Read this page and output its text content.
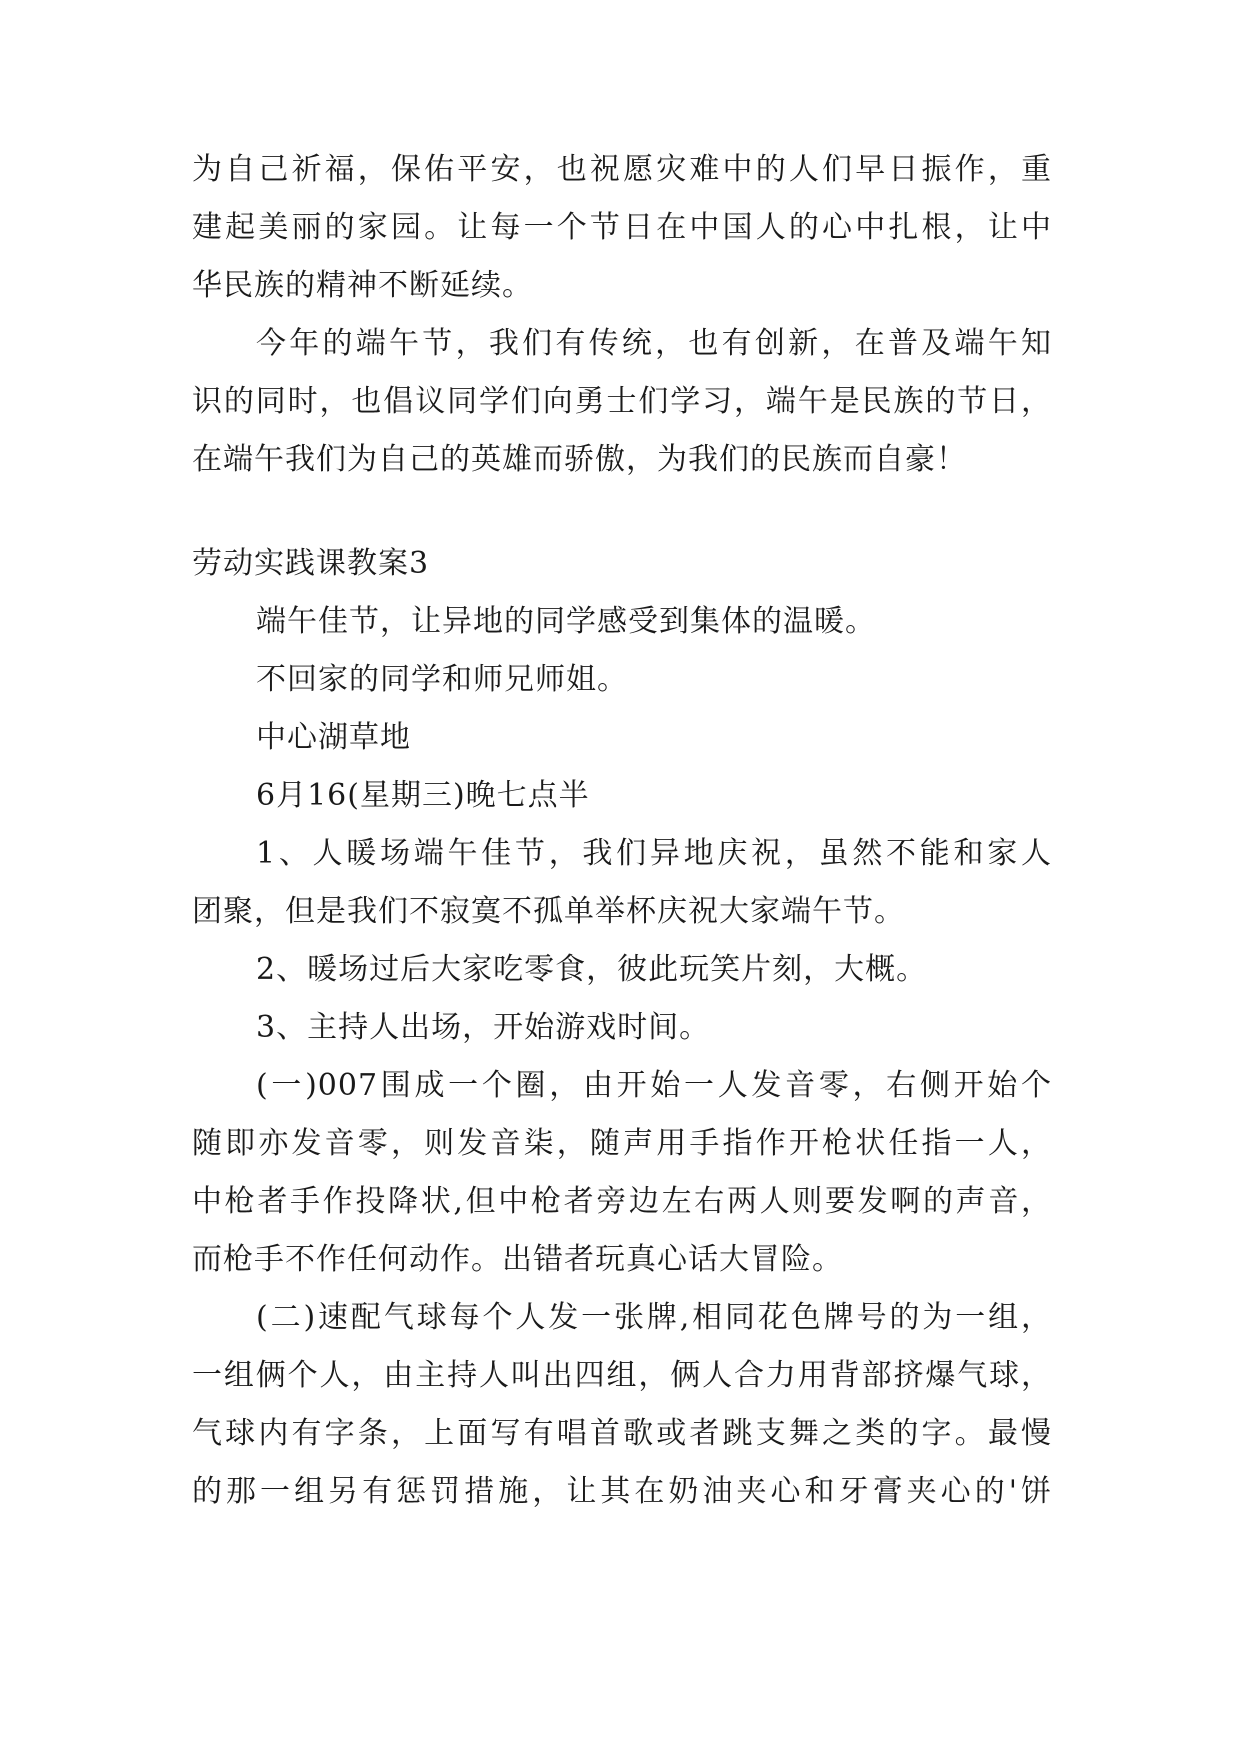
为自己祈福，保佑平安，也祝愿灾难中的人们早日振作，重
建起美丽的家园。让每一个节日在中国人的心中扎根，让中
华民族的精神不断延续。
今年的端午节，我们有传统，也有创新，在普及端午知
识的同时，也倡议同学们向勇士们学习，端午是民族的节日，
在端午我们为自己的英雄而骄傲，为我们的民族而自豪！
劳动实践课教案3
端午佳节，让异地的同学感受到集体的温暖。
不回家的同学和师兄师姐。
中心湖草地
6月16(星期三)晚七点半
1、人暖场端午佳节，我们异地庆祝，虽然不能和家人
团聚，但是我们不寂寞不孤单举杯庆祝大家端午节。
2、暖场过后大家吃零食，彼此玩笑片刻，大概。
3、主持人出场，开始游戏时间。
(一)007围成一个圈，由开始一人发音零，右侧开始个
随即亦发音零，则发音柒，随声用手指作开枪状任指一人，
中枪者手作投降状,但中枪者旁边左右两人则要发啊的声音，
而枪手不作任何动作。出错者玩真心话大冒险。
(二)速配气球每个人发一张牌,相同花色牌号的为一组，
一组俩个人，由主持人叫出四组，俩人合力用背部挤爆气球，
气球内有字条，上面写有唱首歌或者跳支舞之类的字。最慢
的那一组另有惩罚措施，让其在奶油夹心和牙膏夹心的'饼
